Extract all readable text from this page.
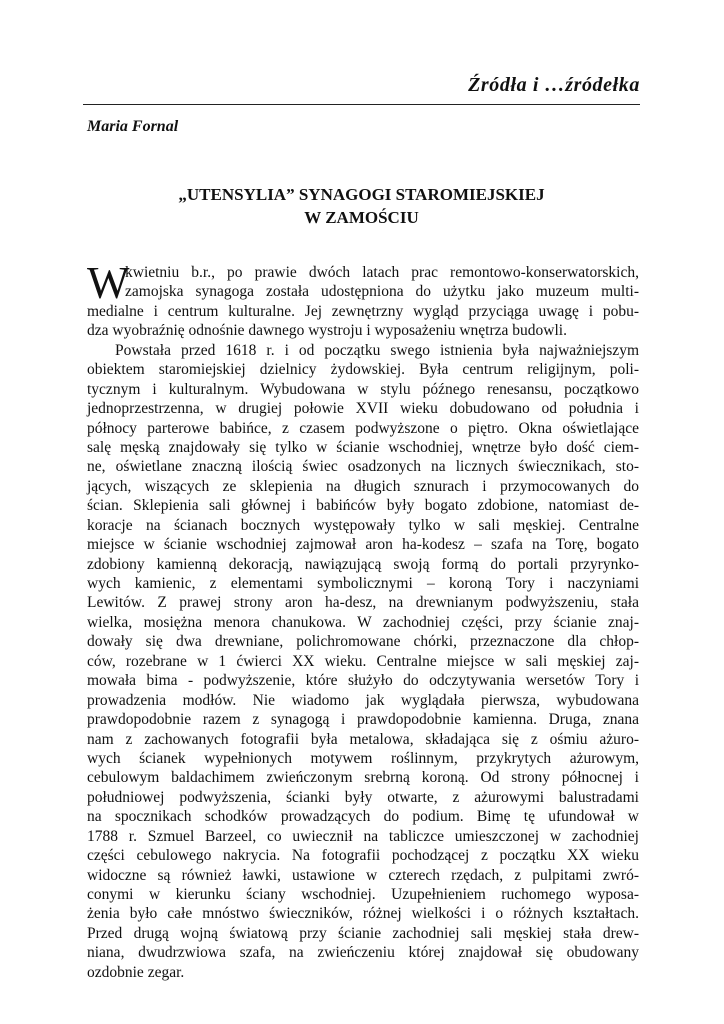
Źródła i …źródełka
Maria Fornal
„UTENSYLIA” SYNAGOGI STAROMIEJSKIEJ
W ZAMOŚCIU
W
kwietniu b.r., po prawie dwóch latach prac remontowo-konserwatorskich,
zamojska synagoga została udostępniona do użytku jako muzeum multi-
medialne i centrum kulturalne. Jej zewnętrzny wygląd przyciąga uwagę i pobu-
dza wyobraźnię odnośnie dawnego wystroju i wyposażeniu wnętrza budowli.
Powstała przed 1618 r. i od początku swego istnienia była najważniejszym
obiektem staromiejskiej dzielnicy żydowskiej. Była centrum religijnym, poli-
tycznym i kulturalnym. Wybudowana w stylu późnego renesansu, początkowo
jednoprzestrzenna, w drugiej połowie XVII wieku dobudowano od południa i
północy parterowe babińce, z czasem podwyższone o piętro. Okna oświetlające
salę męską znajdowały się tylko w ścianie wschodniej, wnętrze było dość ciem-
ne, oświetlane znaczną ilością świec osadzonych na licznych świecznikach, sto-
jących, wiszących ze sklepienia na długich sznurach i przymocowanych do
ścian. Sklepienia sali głównej i babińców były bogato zdobione, natomiast de-
koracje na ścianach bocznych występowały tylko w sali męskiej. Centralne
miejsce w ścianie wschodniej zajmował aron ha-kodesz – szafa na Torę, bogato
zdobiony kamienną dekoracją, nawiązującą swoją formą do portali przyrynko-
wych kamienic, z elementami symbolicznymi – koroną Tory i naczyniami
Lewitów. Z prawej strony aron ha-desz, na drewnianym podwyższeniu, stała
wielka, mosiężna menora chanukowa. W zachodniej części, przy ścianie znaj-
dowały się dwa drewniane, polichromowane chórki, przeznaczone dla chłop-
ców, rozebrane w 1 ćwierci XX wieku. Centralne miejsce w sali męskiej zaj-
mowała bima - podwyższenie, które służyło do odczytywania wersetów Tory i
prowadzenia modłów. Nie wiadomo jak wyglądała pierwsza, wybudowana
prawdopodobnie razem z synagogą i prawdopodobnie kamienna. Druga, znana
nam z zachowanych fotografii była metalowa, składająca się z ośmiu ażuro-
wych ścianek wypełnionych motywem roślinnym, przykrytych ażurowym,
cebulowym baldachimem zwieńczonym srebrną koroną. Od strony północnej i
południowej podwyższenia, ścianki były otwarte, z ażurowymi balustradami
na spocznikach schodków prowadzących do podium. Bimę tę ufundował w
1788 r. Szmuel Barzeel, co uwiecznił na tabliczce umieszczonej w zachodniej
części cebulowego nakrycia. Na fotografii pochodzącej z początku XX wieku
widoczne są również ławki, ustawione w czterech rzędach, z pulpitami zwró-
conymi w kierunku ściany wschodniej. Uzupełnieniem ruchomego wyposa-
żenia było całe mnóstwo świeczników, różnej wielkości i o różnych kształtach.
Przed drugą wojną światową przy ścianie zachodniej sali męskiej stała drew-
niana, dwudrzwiowa szafa, na zwieńczeniu której znajdował się obudowany
ozdobnie zegar.
